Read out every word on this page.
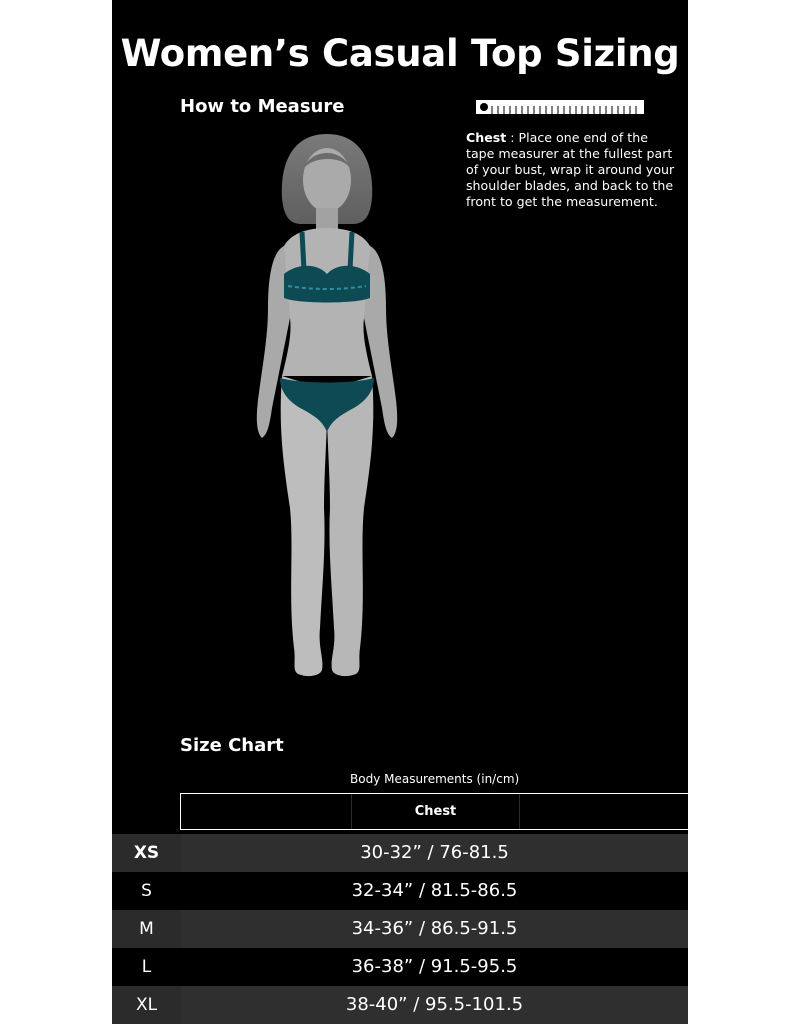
Women’s Casual Top Sizing
How to Measure
Chest : Place one end of the tape measurer at the fullest part of your bust, wrap it around your shoulder blades, and back to the front to get the measurement.
Size Chart
Body Measurements (in/cm)
Chest
XS	30-32” / 76-81.5
S	32-34” / 81.5-86.5
M	34-36” / 86.5-91.5
L	36-38” / 91.5-95.5
XL	38-40” / 95.5-101.5
